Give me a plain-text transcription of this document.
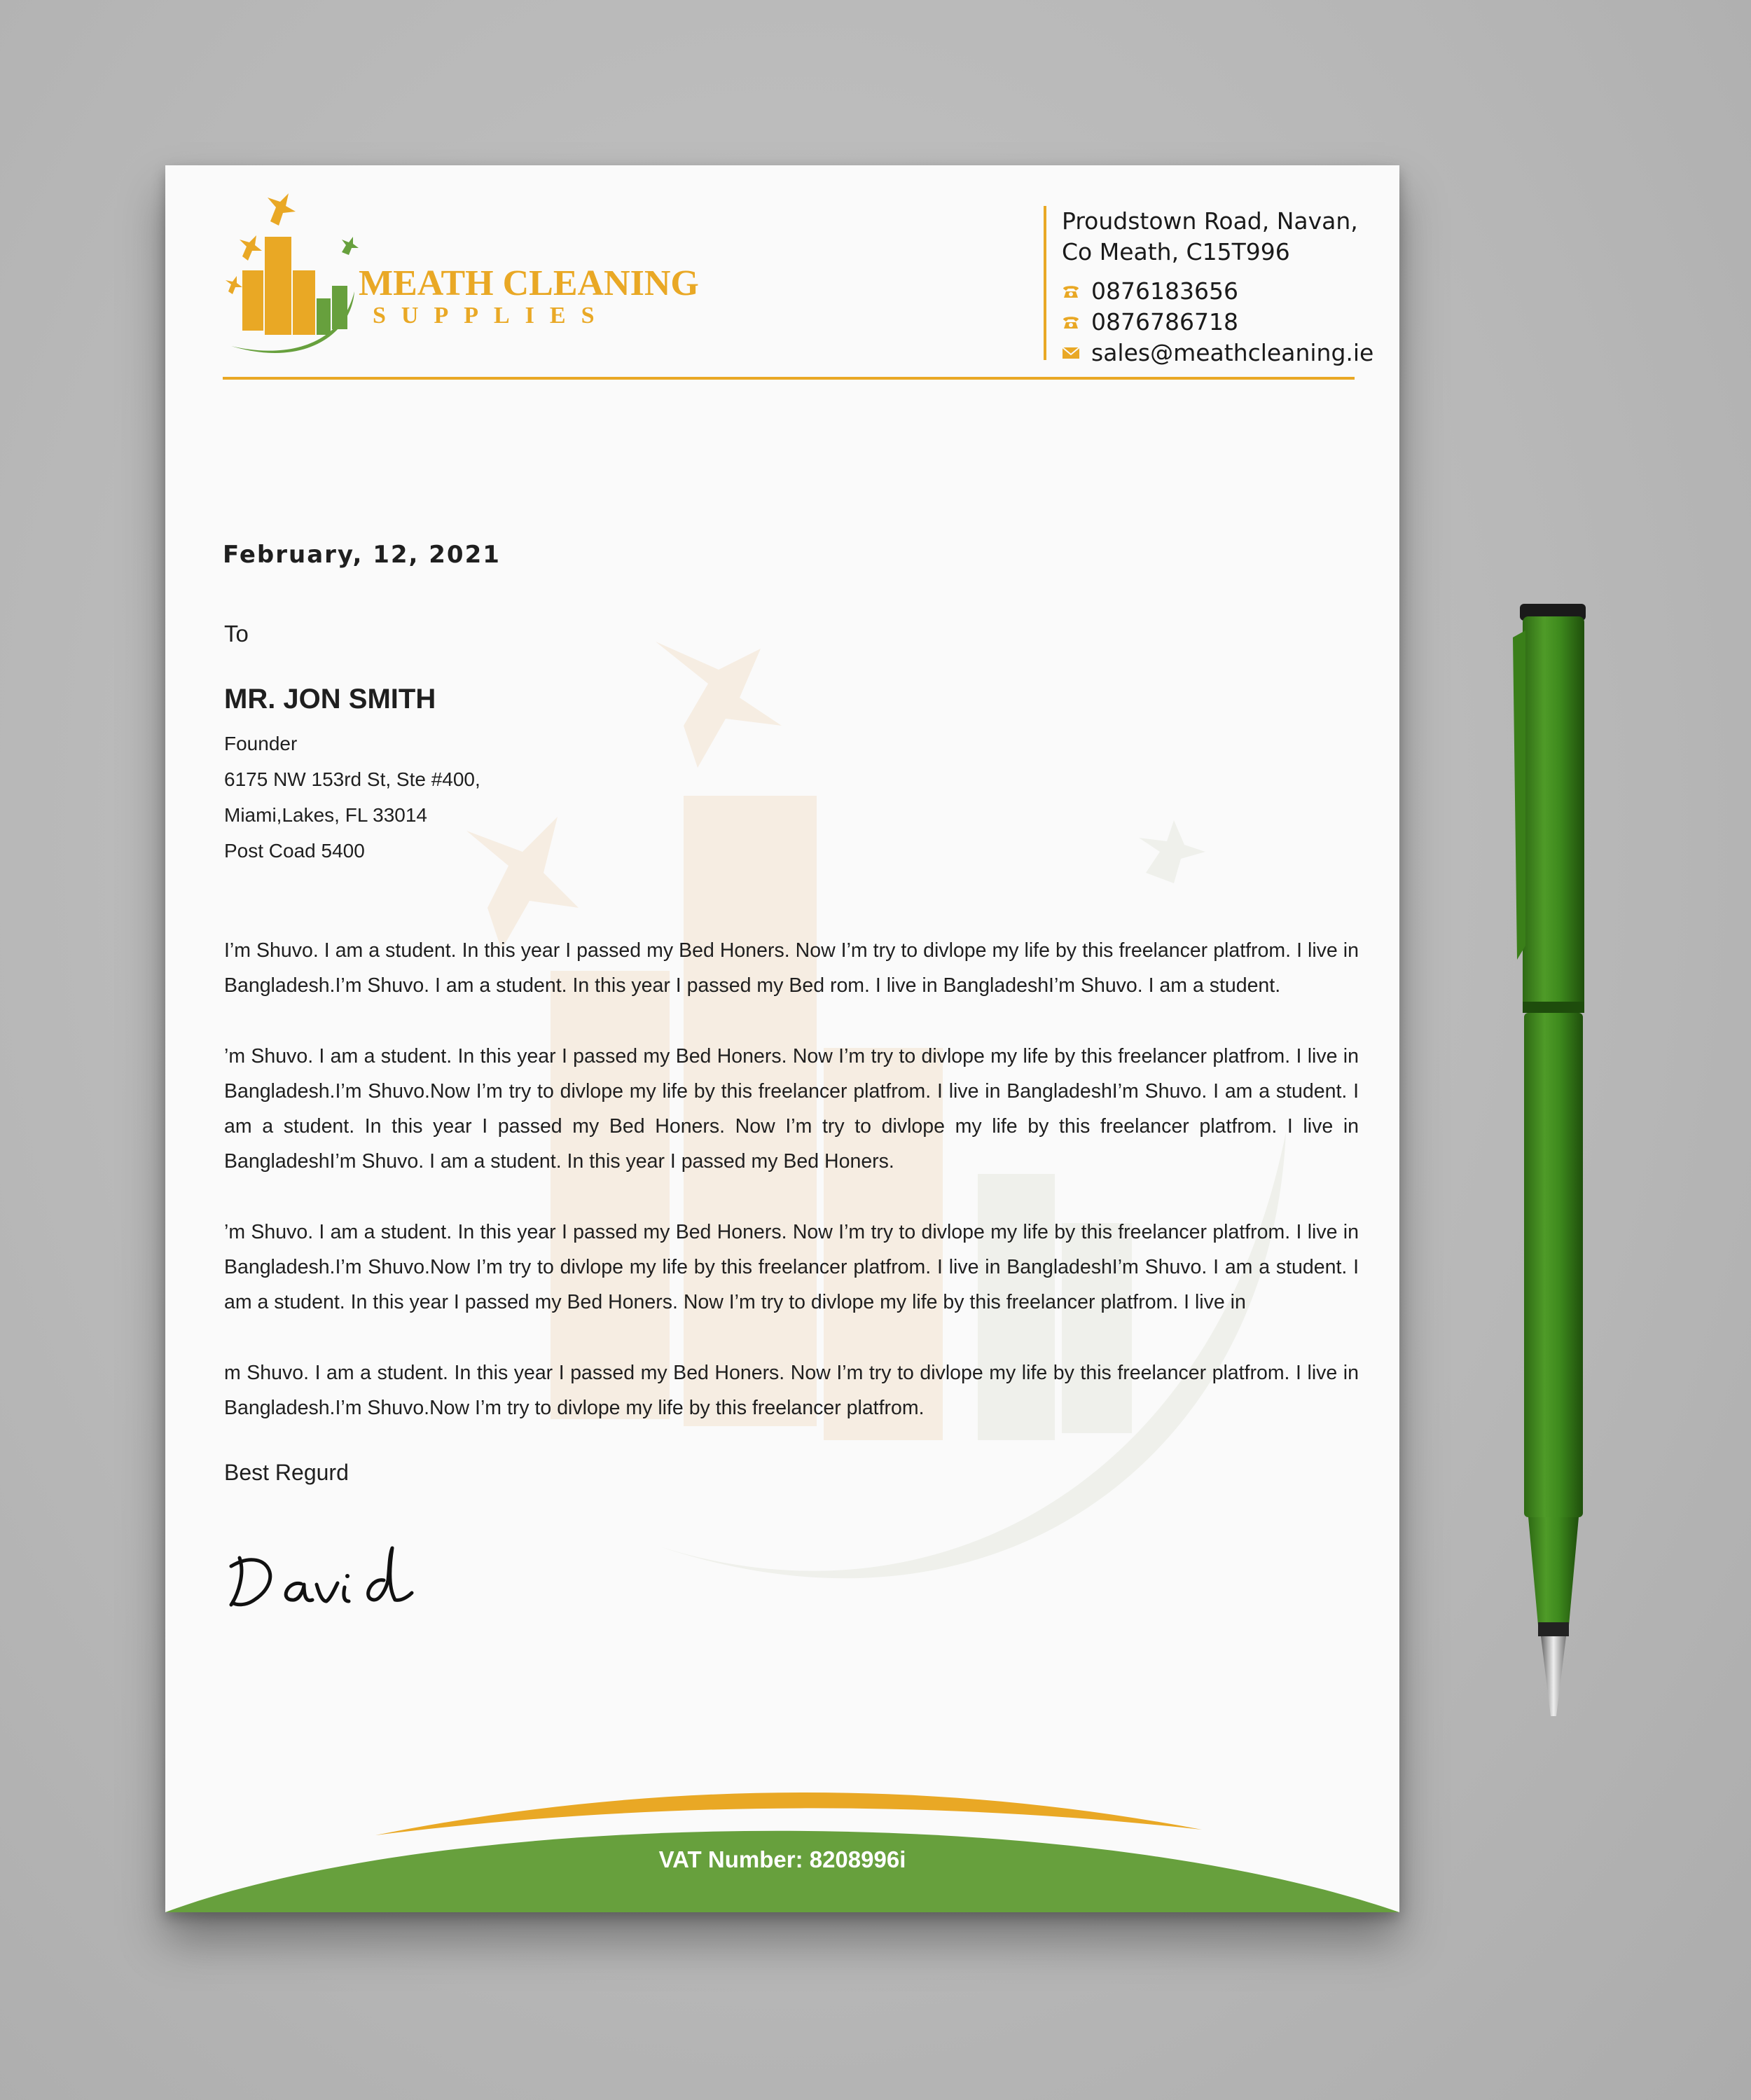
MEATH CLEANING
SUPPLIES
Proudstown Road, Navan,
Co Meath, C15T996
0876183656
0876786718
sales@meathcleaning.ie
February, 12, 2021
To
MR. JON SMITH
Founder
6175 NW 153rd St, Ste #400,
Miami,Lakes, FL 33014
Post Coad 5400

I’m Shuvo. I am a student. In this year I passed my Bed Honers. Now I’m try to divlope my life by this freelancer platfrom. I live in Bangladesh.I’m Shuvo. I am a student. In this year I passed my Bed rom. I live in BangladeshI’m Shuvo. I am a student.

’m Shuvo. I am a student. In this year I passed my Bed Honers. Now I’m try to divlope my life by this freelancer platfrom. I live in Bangladesh.I’m Shuvo.Now I’m try to divlope my life by this freelancer platfrom. I live in BangladeshI’m Shuvo. I am a student. I am a student. In this year I passed my Bed Honers. Now I’m try to divlope my life by this freelancer platfrom. I live in BangladeshI’m Shuvo. I am a student. In this year I passed my Bed Honers.

’m Shuvo. I am a student. In this year I passed my Bed Honers. Now I’m try to divlope my life by this freelancer platfrom. I live in Bangladesh.I’m Shuvo.Now I’m try to divlope my life by this freelancer platfrom. I live in BangladeshI’m Shuvo. I am a student. I am a student. In this year I passed my Bed Honers. Now I’m try to divlope my life by this freelancer platfrom. I live in

m Shuvo. I am a student. In this year I passed my Bed Honers. Now I’m try to divlope my life by this freelancer platfrom. I live in Bangladesh.I’m Shuvo.Now I’m try to divlope my life by this freelancer platfrom.

Best Regurd
VAT Number: 8208996i
